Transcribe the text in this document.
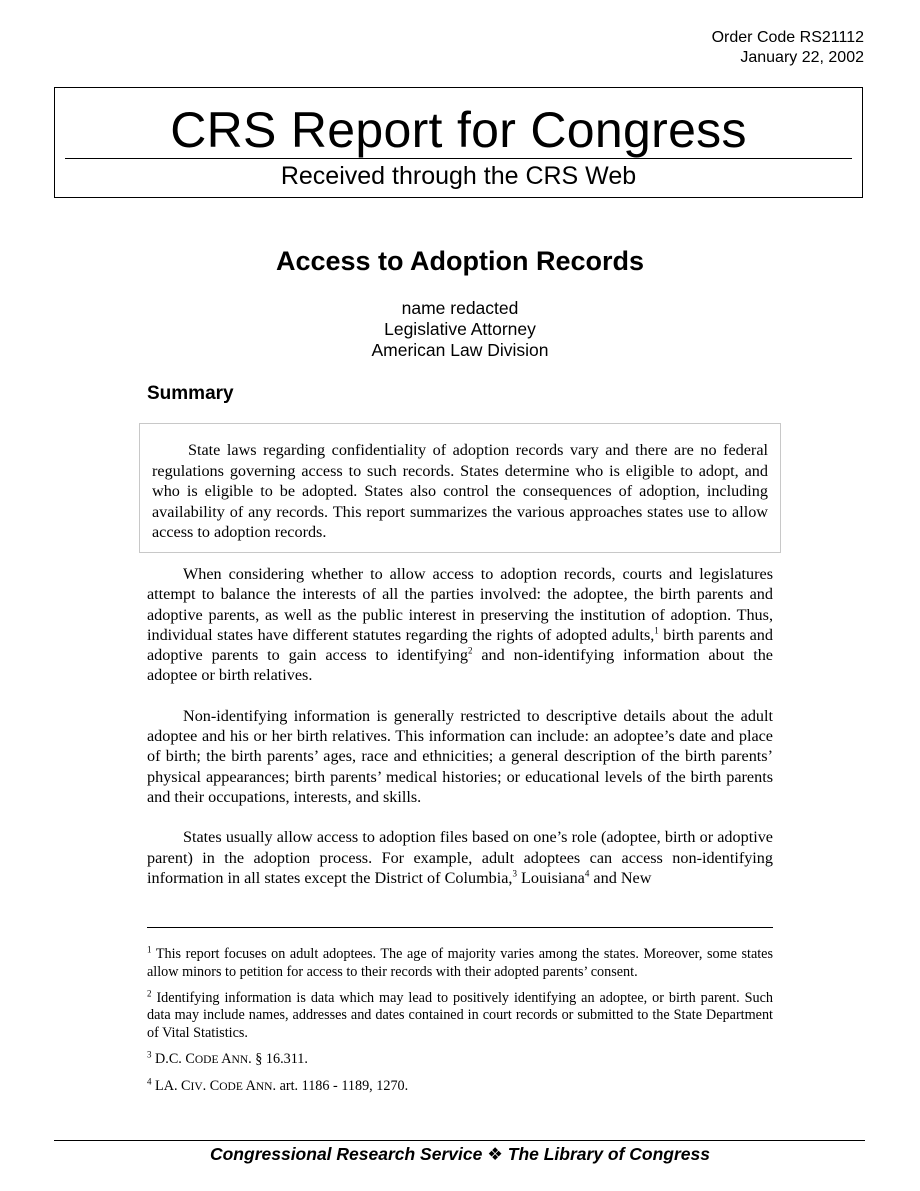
Order Code RS21112
January 22, 2002
CRS Report for Congress
Received through the CRS Web
Access to Adoption Records
name redacted
Legislative Attorney
American Law Division
Summary

State laws regarding confidentiality of adoption records vary and there are no federal regulations governing access to such records. States determine who is eligible to adopt, and who is eligible to be adopted. States also control the consequences of adoption, including availability of any records. This report summarizes the various approaches states use to allow access to adoption records.

When considering whether to allow access to adoption records, courts and legislatures attempt to balance the interests of all the parties involved: the adoptee, the birth parents and adoptive parents, as well as the public interest in preserving the institution of adoption. Thus, individual states have different statutes regarding the rights of adopted adults,$^1$ birth parents and adoptive parents to gain access to identifying$^2$ and non-identifying information about the adoptee or birth relatives.

Non-identifying information is generally restricted to descriptive details about the adult adoptee and his or her birth relatives. This information can include: an adoptee’s date and place of birth; the birth parents’ ages, race and ethnicities; a general description of the birth parents’ physical appearances; birth parents’ medical histories; or educational levels of the birth parents and their occupations, interests, and skills.

States usually allow access to adoption files based on one’s role (adoptee, birth or adoptive parent) in the adoption process. For example, adult adoptees can access non-identifying information in all states except the District of Columbia,$^3$ Louisiana$^4$ and New

$^1$ This report focuses on adult adoptees. The age of majority varies among the states. Moreover, some states allow minors to petition for access to their records with their adopted parents’ consent.

$^2$ Identifying information is data which may lead to positively identifying an adoptee, or birth parent. Such data may include names, addresses and dates contained in court records or submitted to the State Department of Vital Statistics.

$^3$ D.C. CODE ANN. § 16.311.

$^4$ LA. CIV. CODE ANN. art. 1186 - 1189, 1270.

Congressional Research Service ❖ The Library of Congress
